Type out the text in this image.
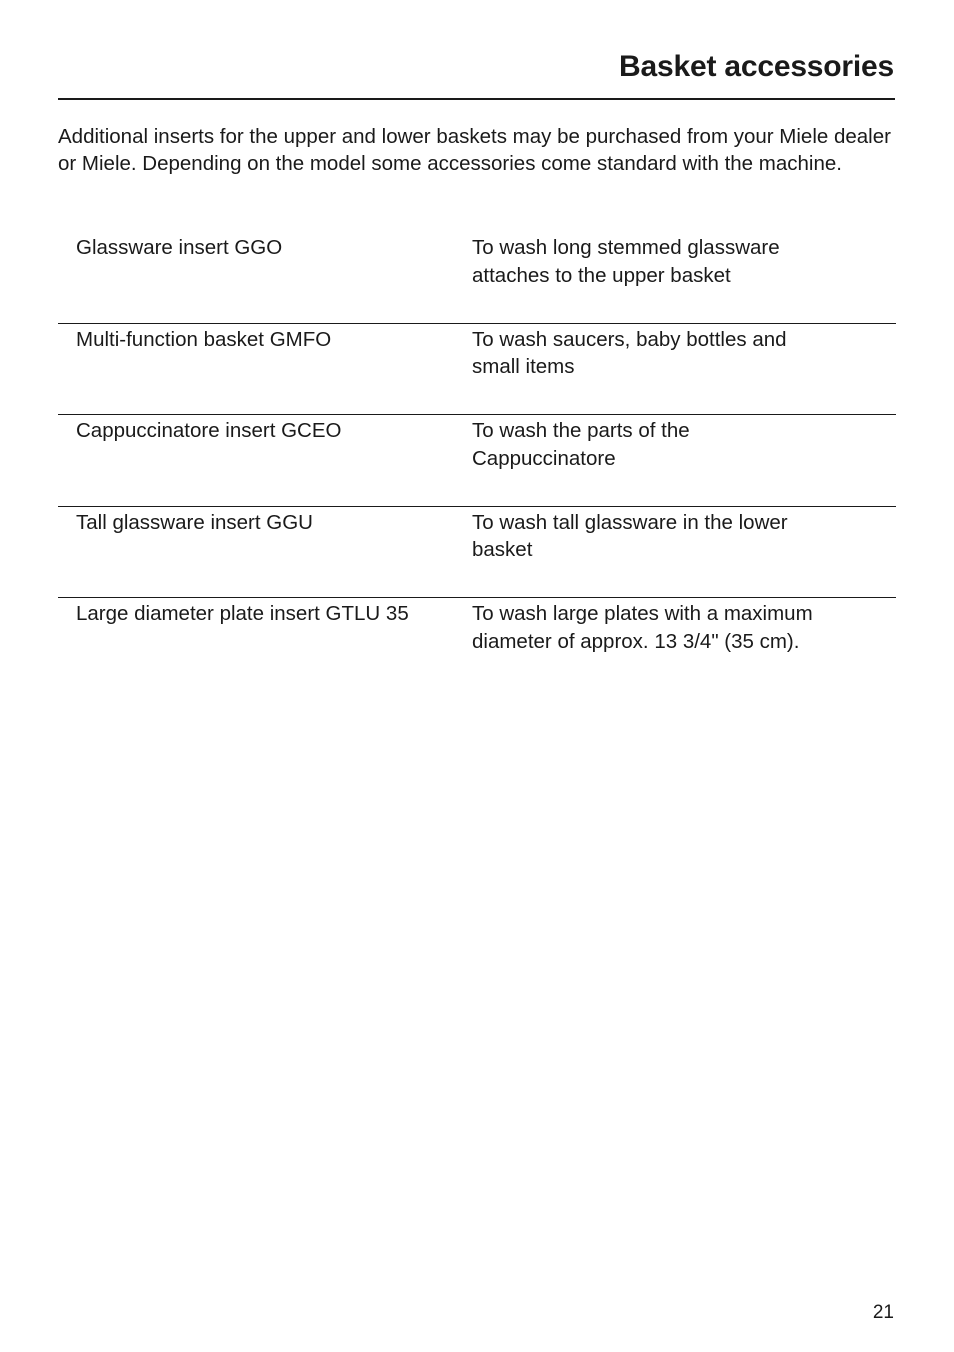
Basket accessories

Additional inserts for the upper and lower baskets may be purchased from your Miele dealer or Miele. Depending on the model some accessories come standard with the machine.

Glassware insert GGO	To wash long stemmed glassware
attaches to the upper basket
Multi-function basket GMFO	To wash saucers, baby bottles and
small items
Cappuccinatore insert GCEO	To wash the parts of the
Cappuccinatore
Tall glassware insert GGU	To wash tall glassware in the lower
basket
Large diameter plate insert GTLU 35	To wash large plates with a maximum
diameter of approx. 13 3/4" (35 cm).
21
